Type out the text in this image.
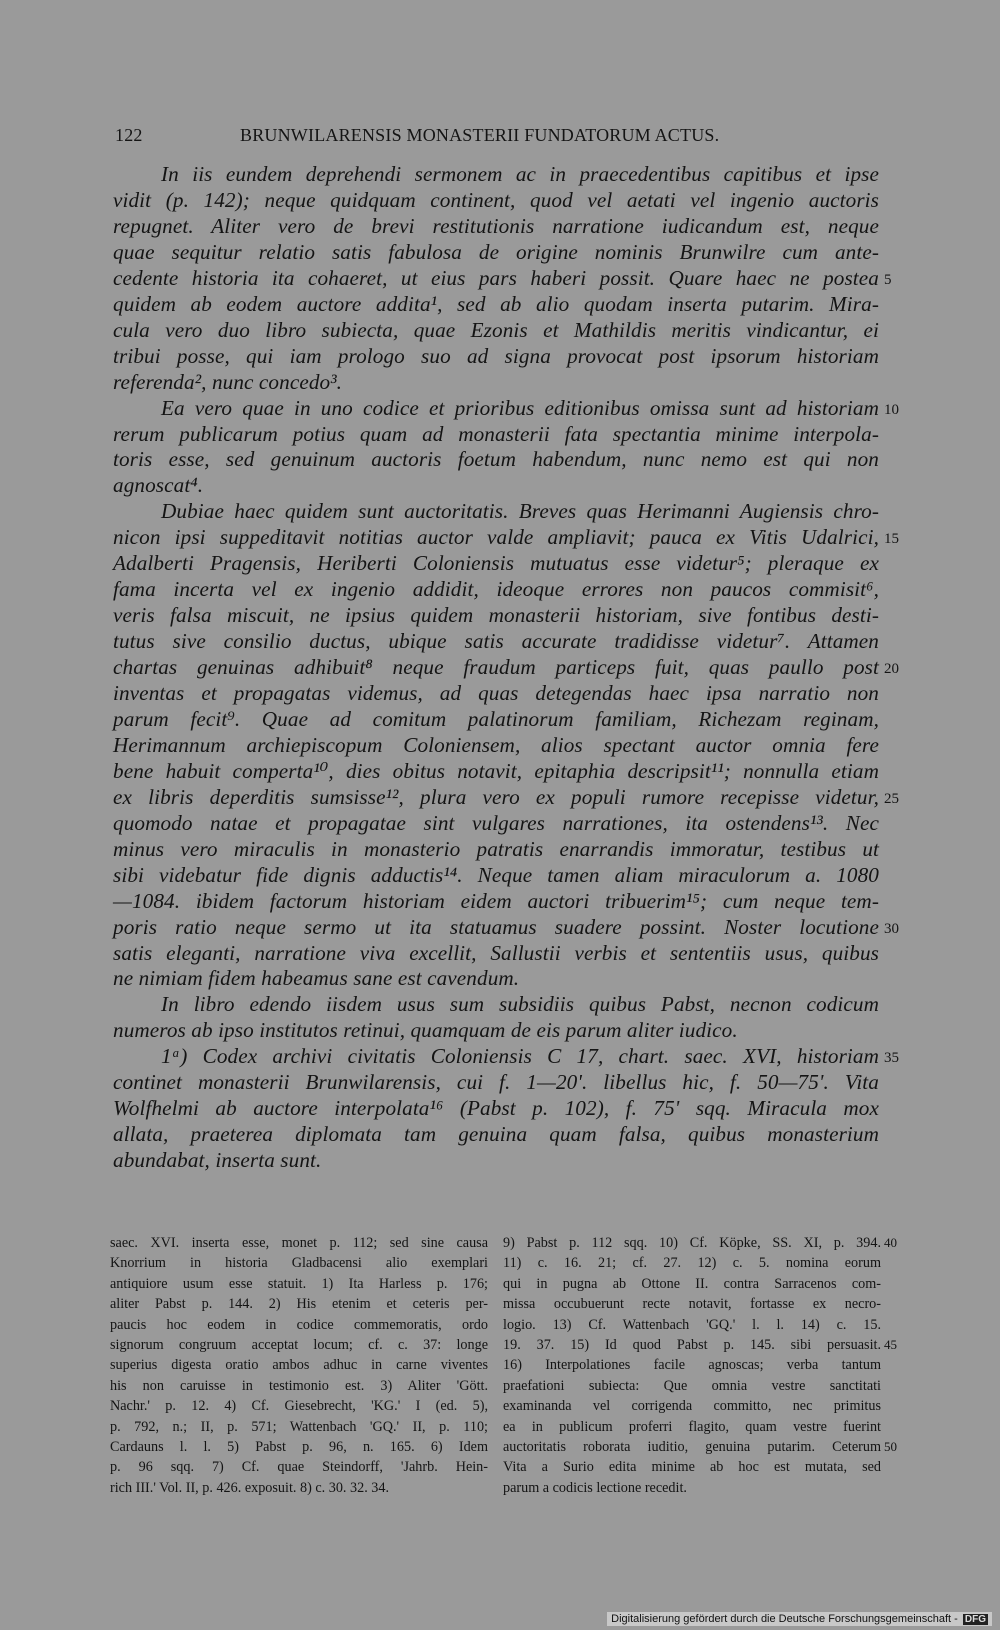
122	BRUNWILARENSIS MONASTERII FUNDATORUM ACTUS.
In iis eundem deprehendi sermonem ac in praecedentibus capitibus et ipse
vidit (p. 142); neque quidquam continent, quod vel aetati vel ingenio auctoris
repugnet. Aliter vero de brevi restitutionis narratione iudicandum est, neque
quae sequitur relatio satis fabulosa de origine nominis Brunwilre cum ante-
cedente historia ita cohaeret, ut eius pars haberi possit. Quare haec ne postea
quidem ab eodem auctore addita¹, sed ab alio quodam inserta putarim. Mira-
cula vero duo libro subiecta, quae Ezonis et Mathildis meritis vindicantur, ei
tribui posse, qui iam prologo suo ad signa provocat post ipsorum historiam
referenda², nunc concedo³.
Ea vero quae in uno codice et prioribus editionibus omissa sunt ad historiam
rerum publicarum potius quam ad monasterii fata spectantia minime interpola-
toris esse, sed genuinum auctoris foetum habendum, nunc nemo est qui non
agnoscat⁴.
Dubiae haec quidem sunt auctoritatis. Breves quas Herimanni Augiensis chro-
nicon ipsi suppeditavit notitias auctor valde ampliavit; pauca ex Vitis Udalrici,
Adalberti Pragensis, Heriberti Coloniensis mutuatus esse videtur⁵; pleraque ex
fama incerta vel ex ingenio addidit, ideoque errores non paucos commisit⁶,
veris falsa miscuit, ne ipsius quidem monasterii historiam, sive fontibus desti-
tutus sive consilio ductus, ubique satis accurate tradidisse videtur⁷. Attamen
chartas genuinas adhibuit⁸ neque fraudum particeps fuit, quas paullo post
inventas et propagatas videmus, ad quas detegendas haec ipsa narratio non
parum fecit⁹. Quae ad comitum palatinorum familiam, Richezam reginam,
Herimannum archiepiscopum Coloniensem, alios spectant auctor omnia fere
bene habuit comperta¹⁰, dies obitus notavit, epitaphia descripsit¹¹; nonnulla etiam
ex libris deperditis sumsisse¹², plura vero ex populi rumore recepisse videtur,
quomodo natae et propagatae sint vulgares narrationes, ita ostendens¹³. Nec
minus vero miraculis in monasterio patratis enarrandis immoratur, testibus ut
sibi videbatur fide dignis adductis¹⁴. Neque tamen aliam miraculorum a. 1080
—1084. ibidem factorum historiam eidem auctori tribuerim¹⁵; cum neque tem-
poris ratio neque sermo ut ita statuamus suadere possint. Noster locutione
satis eleganti, narratione viva excellit, Sallustii verbis et sententiis usus, quibus
ne nimiam fidem habeamus sane est cavendum.
In libro edendo iisdem usus sum subsidiis quibus Pabst, necnon codicum
numeros ab ipso institutos retinui, quamquam de eis parum aliter iudico.
1ᵃ) Codex archivi civitatis Coloniensis C 17, chart. saec. XVI, historiam
continet monasterii Brunwilarensis, cui f. 1—20'. libellus hic, f. 50—75'. Vita
Wolfhelmi ab auctore interpolata¹⁶ (Pabst p. 102), f. 75' sqq. Miracula mox
allata, praeterea diplomata tam genuina quam falsa, quibus monasterium
abundabat, inserta sunt.
5
10
15
20
25
30
35
saec. XVI. inserta esse, monet p. 112; sed sine causa
Knorrium in historia Gladbacensi alio exemplari
antiquiore usum esse statuit. 1) Ita Harless p. 176;
aliter Pabst p. 144. 2) His etenim et ceteris per-
paucis hoc eodem in codice commemoratis, ordo
signorum congruum acceptat locum; cf. c. 37: longe
superius digesta oratio ambos adhuc in carne viventes
his non caruisse in testimonio est. 3) Aliter 'Gött.
Nachr.' p. 12. 4) Cf. Giesebrecht, 'KG.' I (ed. 5),
p. 792, n.; II, p. 571; Wattenbach 'GQ.' II, p. 110;
Cardauns l. l. 5) Pabst p. 96, n. 165. 6) Idem
p. 96 sqq. 7) Cf. quae Steindorff, 'Jahrb. Hein-
rich III.' Vol. II, p. 426. exposuit. 8) c. 30. 32. 34.
9) Pabst p. 112 sqq. 10) Cf. Köpke, SS. XI, p. 394.
11) c. 16. 21; cf. 27. 12) c. 5. nomina eorum
qui in pugna ab Ottone II. contra Sarracenos com-
missa occubuerunt recte notavit, fortasse ex necro-
logio. 13) Cf. Wattenbach 'GQ.' l. l. 14) c. 15.
19. 37. 15) Id quod Pabst p. 145. sibi persuasit.
16) Interpolationes facile agnoscas; verba tantum
praefationi subiecta: Que omnia vestre sanctitati
examinanda vel corrigenda committo, nec primitus
ea in publicum proferri flagito, quam vestre fuerint
auctoritatis roborata iuditio, genuina putarim. Ceterum
Vita a Surio edita minime ab hoc est mutata, sed
parum a codicis lectione recedit.
40
45
50
Digitalisierung gefördert durch die Deutsche Forschungsgemeinschaft - DFG
